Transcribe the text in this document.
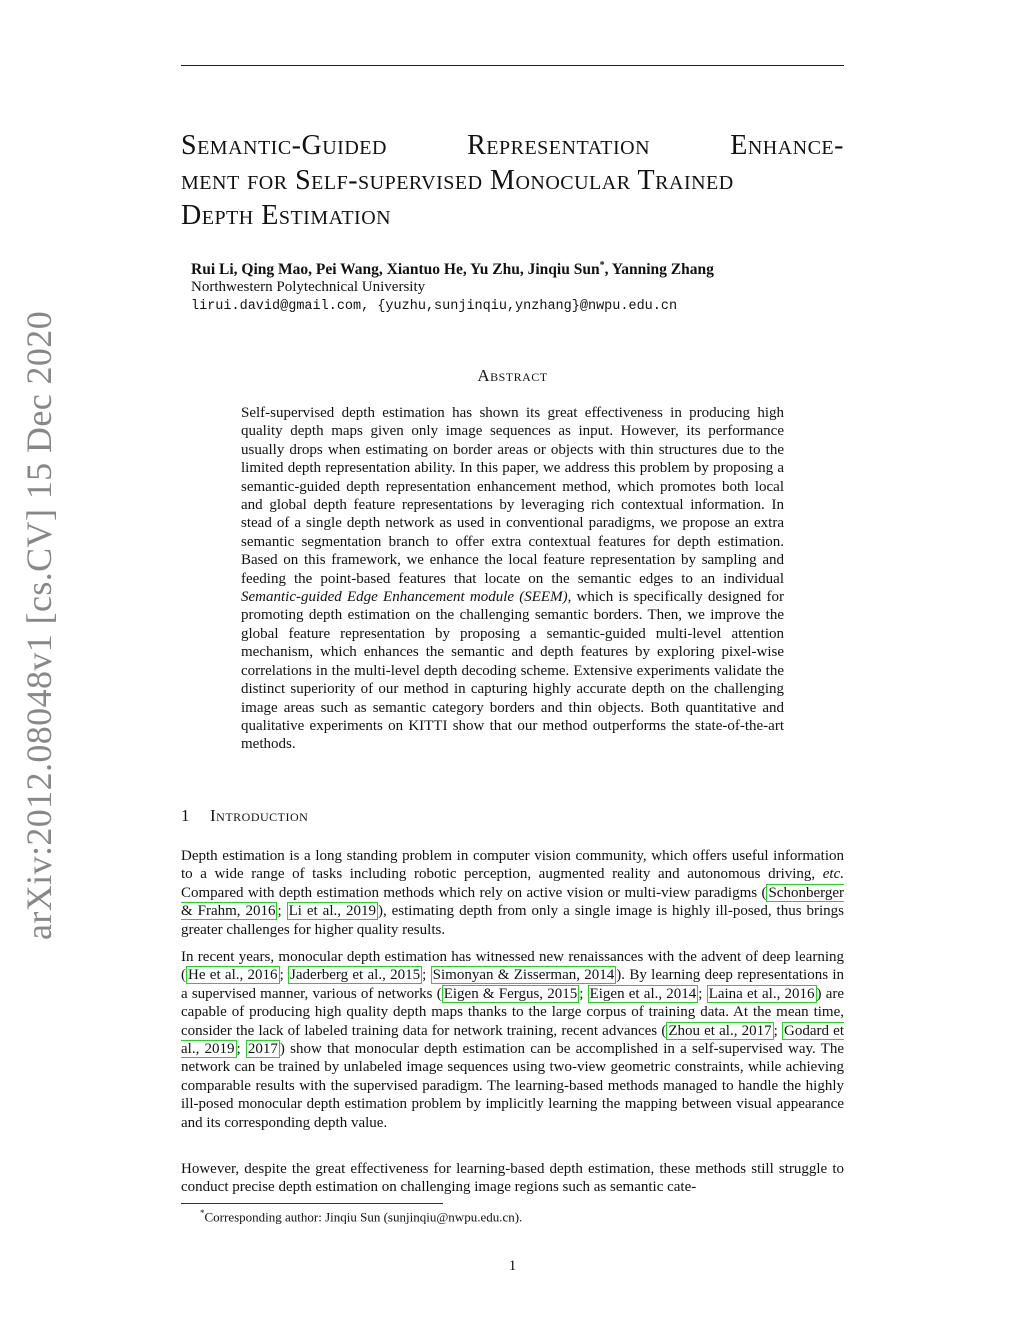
arXiv:2012.08048v1 [cs.CV] 15 Dec 2020
Semantic-Guided	Representation	Enhance-
ment for Self-supervised Monocular Trained
Depth Estimation
Rui Li, Qing Mao, Pei Wang, Xiantuo He, Yu Zhu, Jinqiu Sun*, Yanning Zhang
Northwestern Polytechnical University
lirui.david@gmail.com, {yuzhu,sunjinqiu,ynzhang}@nwpu.edu.cn
Abstract
Self-supervised depth estimation has shown its great effectiveness in producing high quality depth maps given only image sequences as input. However, its performance usually drops when estimating on border areas or objects with thin structures due to the limited depth representation ability. In this paper, we address this problem by proposing a semantic-guided depth representation enhancement method, which promotes both local and global depth feature representations by leveraging rich contextual information. In stead of a single depth network as used in conventional paradigms, we propose an extra semantic segmentation branch to offer extra contextual features for depth estimation. Based on this framework, we enhance the local feature representation by sampling and feeding the point-based features that locate on the semantic edges to an individual Semantic-guided Edge Enhancement module (SEEM), which is specifically designed for promoting depth estimation on the challenging semantic borders. Then, we improve the global feature representation by proposing a semantic-guided multi-level attention mechanism, which enhances the semantic and depth features by exploring pixel-wise correlations in the multi-level depth decoding scheme. Extensive experiments validate the distinct superiority of our method in capturing highly accurate depth on the challenging image areas such as semantic category borders and thin objects. Both quantitative and qualitative experiments on KITTI show that our method outperforms the state-of-the-art methods.
1 Introduction
Depth estimation is a long standing problem in computer vision community, which offers useful information to a wide range of tasks including robotic perception, augmented reality and autonomous driving, etc. Compared with depth estimation methods which rely on active vision or multi-view paradigms ( Schonberger & Frahm, 2016 ; Li et al., 2019 ), estimating depth from only a single image is highly ill-posed, thus brings greater challenges for higher quality results.
In recent years, monocular depth estimation has witnessed new renaissances with the advent of deep learning ( He et al., 2016 ; Jaderberg et al., 2015 ; Simonyan & Zisserman, 2014 ). By learning deep representations in a supervised manner, various of networks ( Eigen & Fergus, 2015 ; Eigen et al., 2014 ; Laina et al., 2016 ) are capable of producing high quality depth maps thanks to the large corpus of training data. At the mean time, consider the lack of labeled training data for network training, recent advances ( Zhou et al., 2017 ; Godard et al., 2019 ; 2017 ) show that monocular depth estimation can be accomplished in a self-supervised way. The network can be trained by unlabeled image sequences using two-view geometric constraints, while achieving comparable results with the supervised paradigm. The learning-based methods managed to handle the highly ill-posed monocular depth estimation problem by implicitly learning the mapping between visual appearance and its corresponding depth value.
However, despite the great effectiveness for learning-based depth estimation, these methods still struggle to conduct precise depth estimation on challenging image regions such as semantic cate-
*Corresponding author: Jinqiu Sun (sunjinqiu@nwpu.edu.cn).
1
